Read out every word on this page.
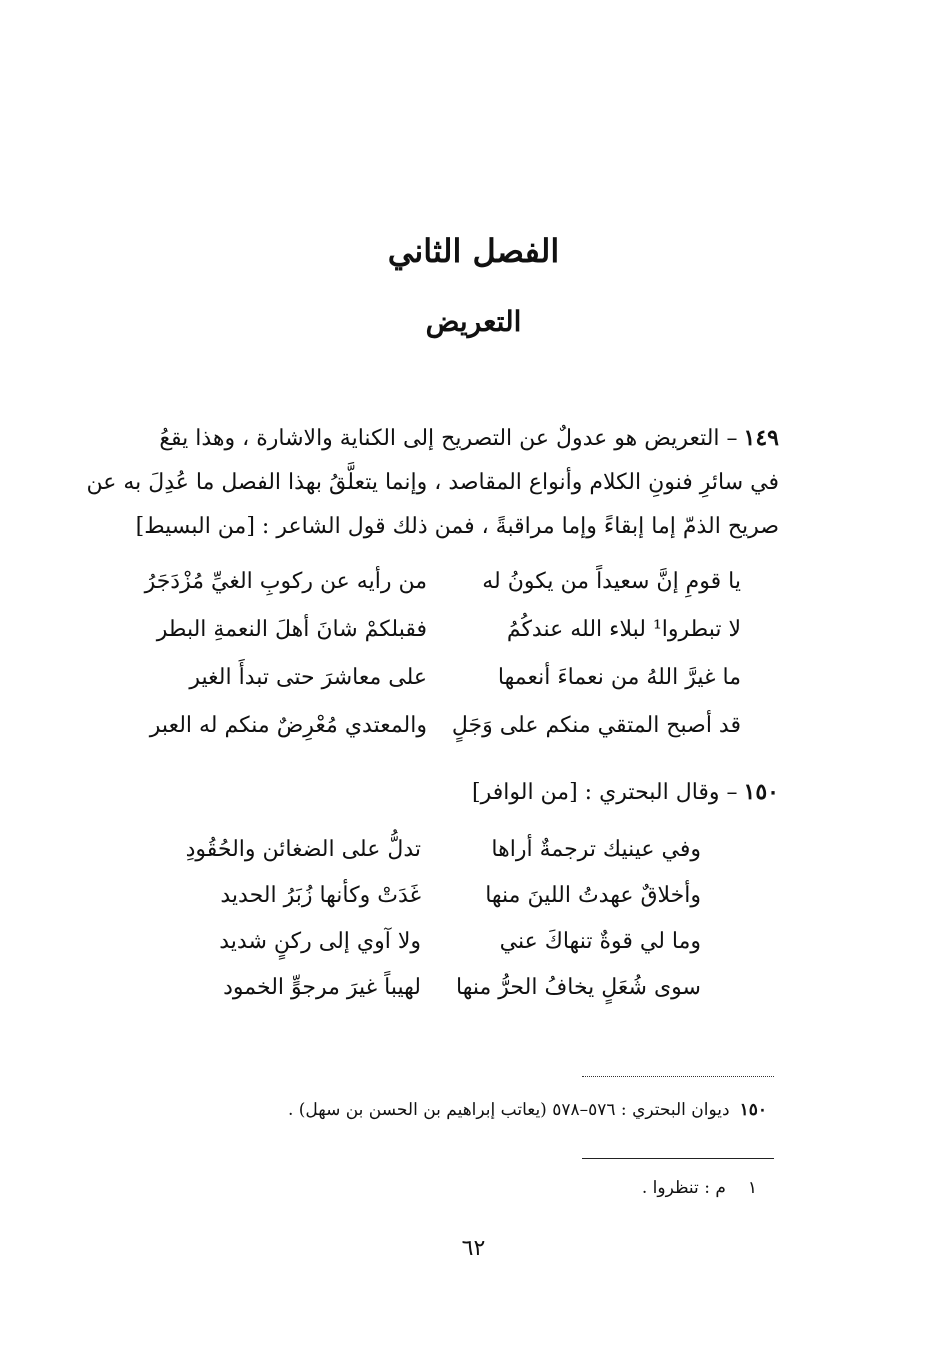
الفصل الثاني
التعريض
١٤٩– التعريض هو عدولٌ عن التصريح إلى الكناية والاشارة ، وهذا يقعُ
في سائرِ فنونِ الكلام وأنواع المقاصد ، وإنما يتعلَّقُ بهذا الفصل ما عُدِلَ به عن
صريح الذمّ إما إبقاءً وإما مراقبةً ، فمن ذلك قول الشاعر : [من البسيط]
يا قومِ إنَّ سعيداً من يكونُ له
من رأيه عن ركوبِ الغيِّ مُزْدَجَرُ
لا تبطروا¹ لبلاء الله عندكُمُ
فقبلكمْ شانَ أهلَ النعمةِ البطر
ما غيرَّ اللهُ من نعماءَ أنعمها
على معاشرَ حتى تبدأَ الغير
قد أصبح المتقي منكم على وَجَلٍ
والمعتدي مُعْرِضٌ منكم له العبر
١٥٠– وقال البحتري : [من الوافر]
وفي عينيك ترجمةٌ أراها
تدلُّ على الضغائن والحُقُودِ
وأخلاقٌ عهدتُ اللينَ منها
غَدَتْ وكأنها زُبَرُ الحديد
وما لي قوةٌ تنهاكَ عني
ولا آوي إلى ركنٍ شديد
سوى شُعَلٍ يخافُ الحرُّ منها
لهيباً غيرَ مرجوٍّ الخمود
١٥٠ديوان البحتري : ٥٧٦–٥٧٨ (يعاتب إبراهيم بن الحسن بن سهل) .
١م : تنظروا .
٦٢
